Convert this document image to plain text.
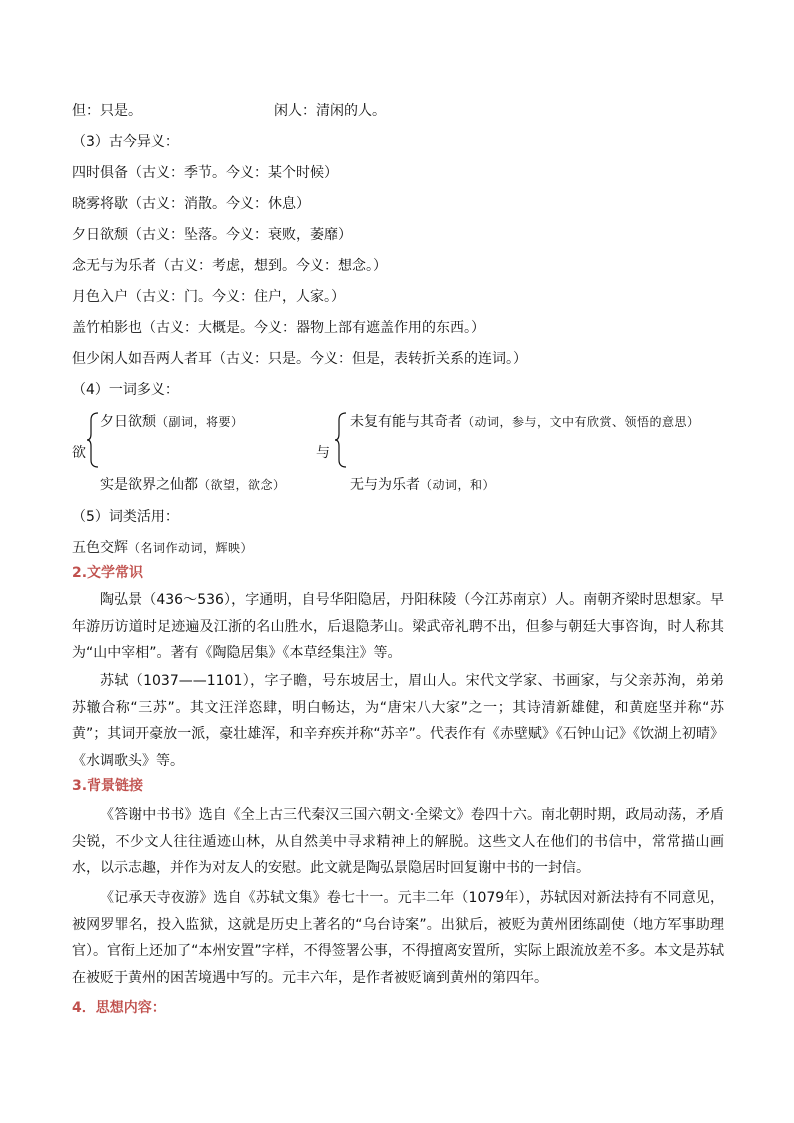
但：只是。	闲人：清闲的人。
（3）古今异义：
四时俱备（古义：季节。今义：某个时候）
晓雾将歇（古义：消散。今义：休息）
夕日欲颓（古义：坠落。今义：衰败，萎靡）
念无与为乐者（古义：考虑，想到。今义：想念。）
月色入户（古义：门。今义：住户，人家。）
盖竹柏影也（古义：大概是。今义：器物上部有遮盖作用的东西。）
但少闲人如吾两人者耳（古义：只是。今义：但是，表转折关系的连词。）
（4）一词多义：
欲
夕日欲颓（副词，将要）
实是欲界之仙都（欲望，欲念）
与
未复有能与其奇者（动词，参与，文中有欣赏、领悟的意思）
无与为乐者（动词，和）
（5）词类活用：
五色交辉（名词作动词，辉映）
2.文学常识
陶弘景（436～536），字通明，自号华阳隐居，丹阳秣陵（今江苏南京）人。南朝齐梁时思想家。早年游历访道时足迹遍及江浙的名山胜水，后退隐茅山。梁武帝礼聘不出，但参与朝廷大事咨询，时人称其为“山中宰相”。著有《陶隐居集》《本草经集注》等。
苏轼（1037——1101），字子瞻，号东坡居士，眉山人。宋代文学家、书画家，与父亲苏洵，弟弟苏辙合称“三苏”。其文汪洋恣肆，明白畅达，为“唐宋八大家”之一；其诗清新雄健，和黄庭坚并称“苏黄”；其词开豪放一派，豪壮雄浑，和辛弃疾并称“苏辛”。代表作有《赤壁赋》《石钟山记》《饮湖上初晴》《水调歌头》等。
3.背景链接
《答谢中书书》选自《全上古三代秦汉三国六朝文·全梁文》卷四十六。南北朝时期，政局动荡，矛盾尖锐，不少文人往往遁迹山林，从自然美中寻求精神上的解脱。这些文人在他们的书信中，常常描山画水，以示志趣，并作为对友人的安慰。此文就是陶弘景隐居时回复谢中书的一封信。
《记承天寺夜游》选自《苏轼文集》卷七十一。元丰二年（1079年），苏轼因对新法持有不同意见，被网罗罪名，投入监狱，这就是历史上著名的“乌台诗案”。出狱后，被贬为黄州团练副使（地方军事助理官）。官衔上还加了“本州安置”字样，不得签署公事，不得擅离安置所，实际上跟流放差不多。本文是苏轼在被贬于黄州的困苦境遇中写的。元丰六年，是作者被贬谪到黄州的第四年。
4．思想内容：
